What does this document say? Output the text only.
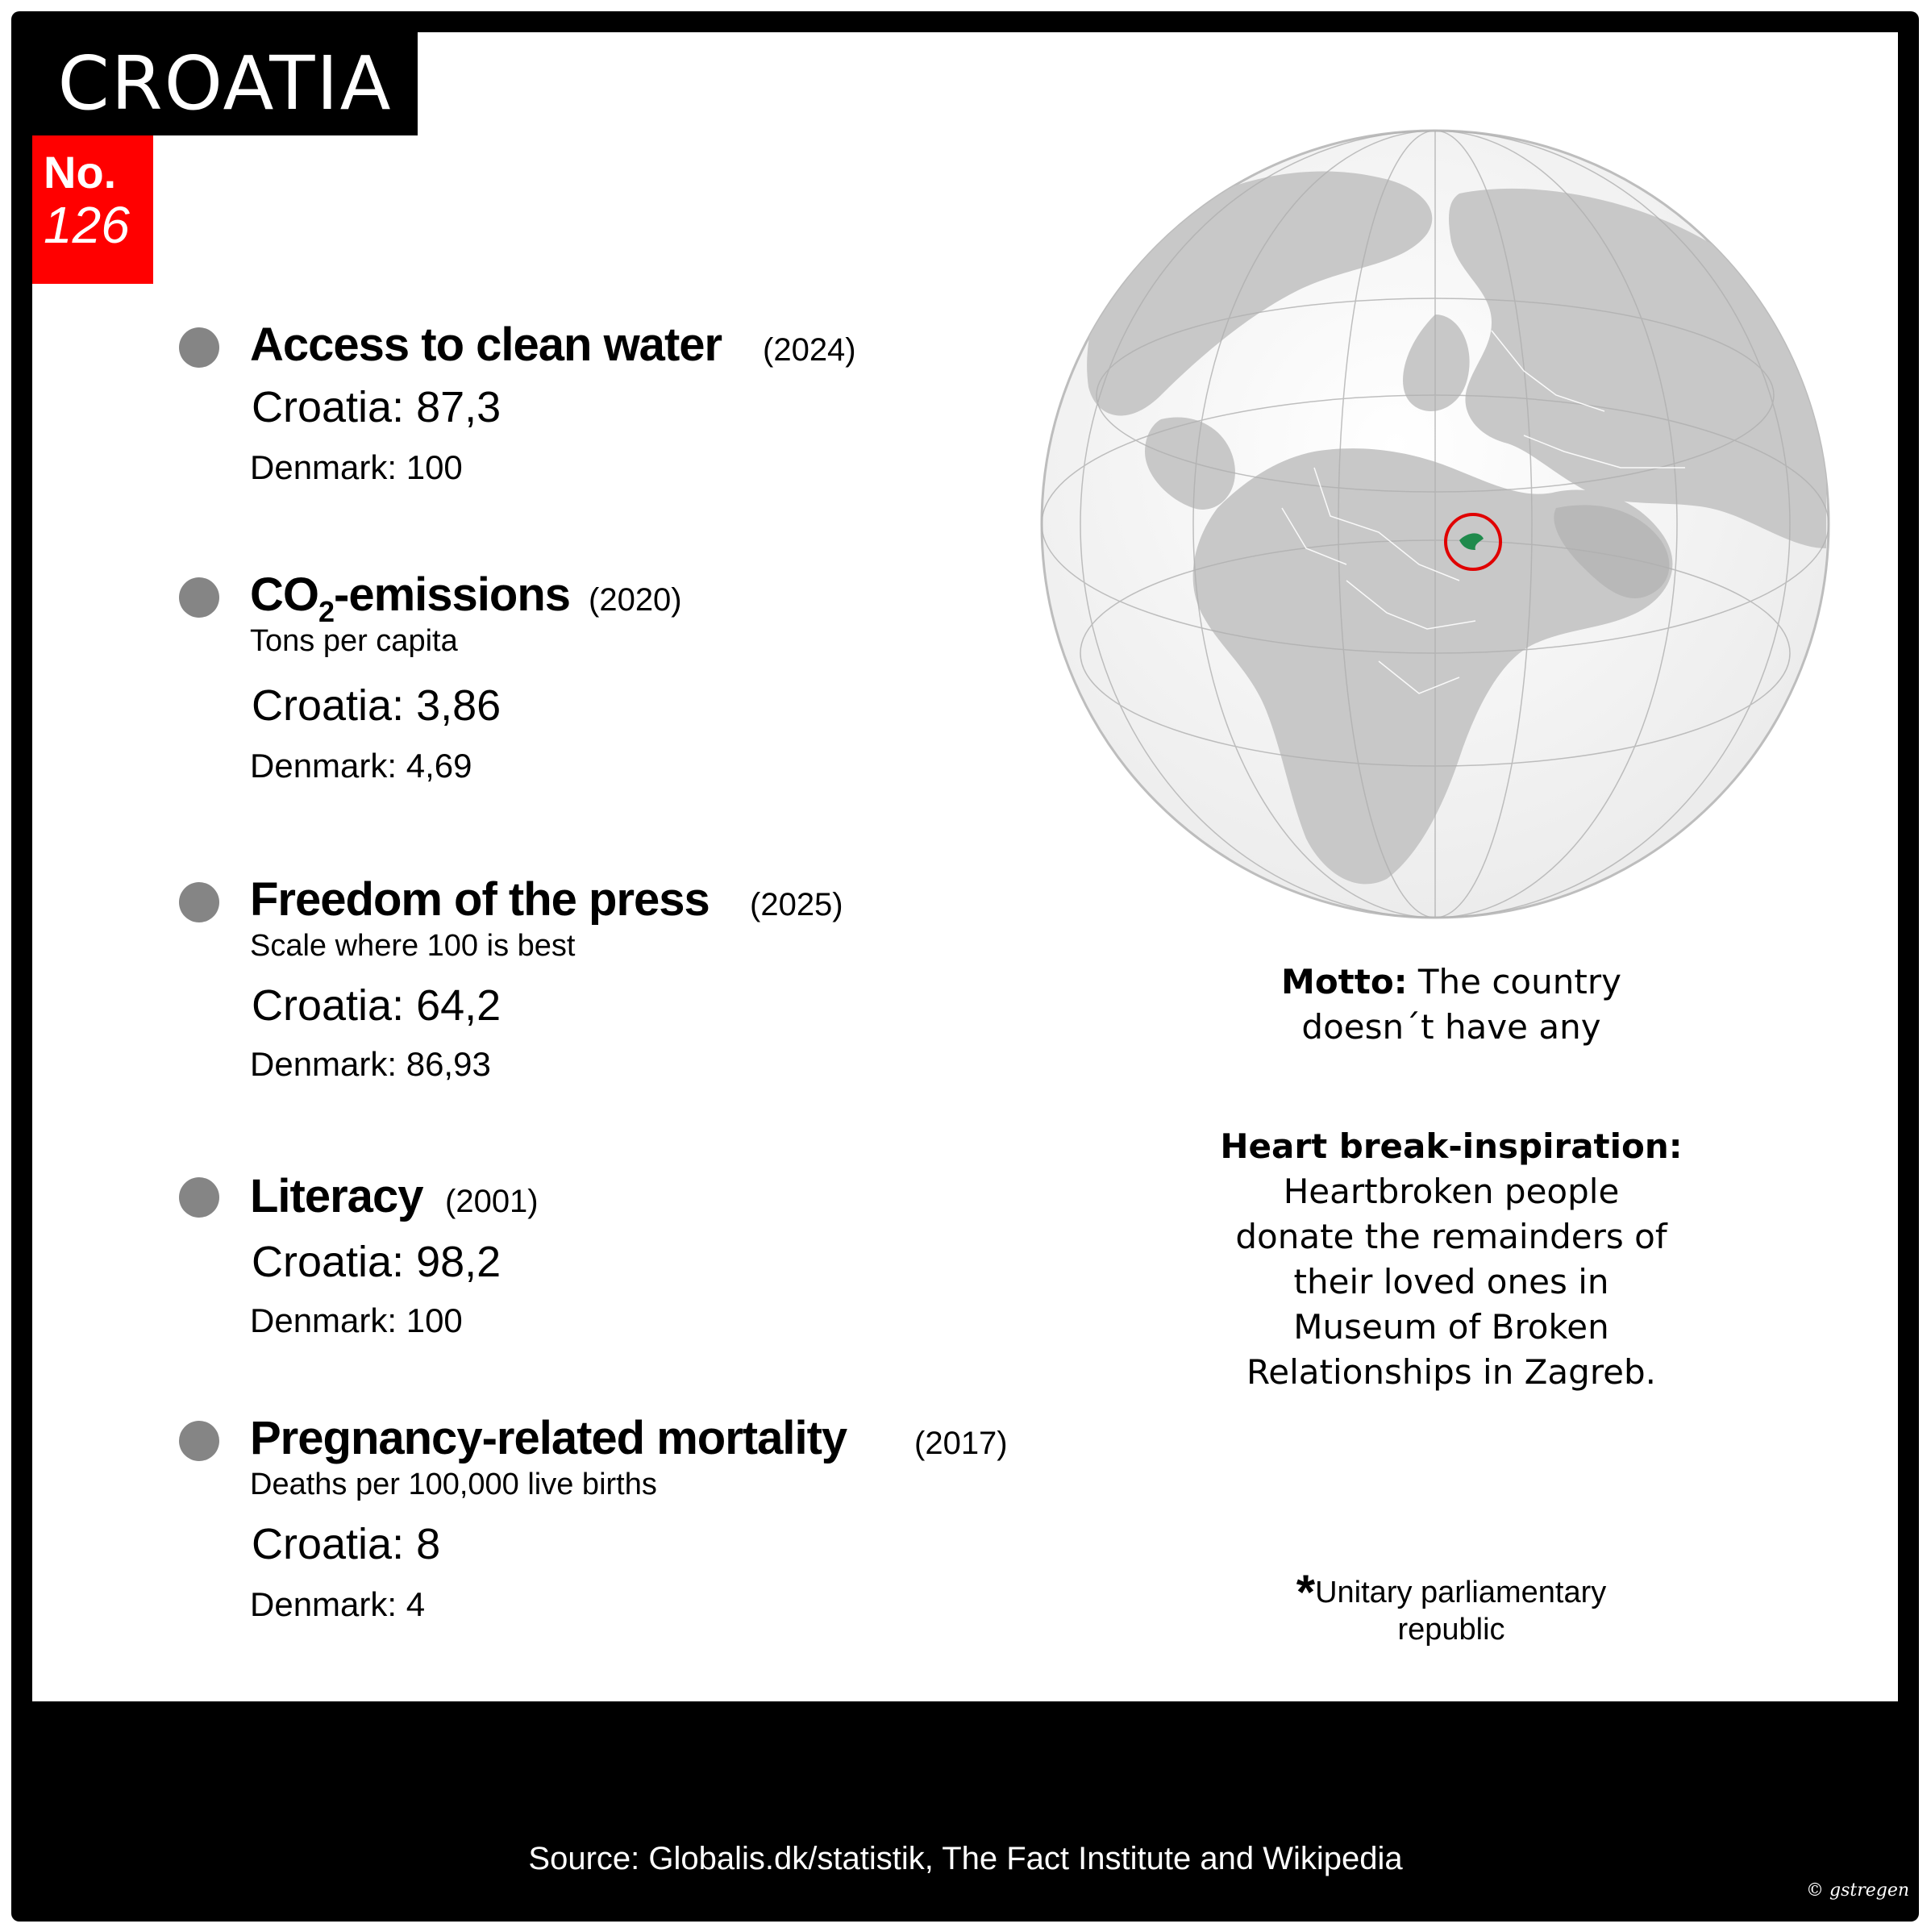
CROATIA
No.
126
Access to clean water (2024)
Croatia: 87,3
Denmark: 100
$CO_2$-emissions (2020)
Tons per capita
Croatia: 3,86
Denmark: 4,69
Freedom of the press (2025)
Scale where 100 is best
Croatia: 64,2
Denmark: 86,93
Literacy (2001)
Croatia: 98,2
Denmark: 100
Pregnancy-related mortality (2017)
Deaths per 100,000 live births
Croatia: 8
Denmark: 4
Motto: The country
doesn´t have any
Heart break-inspiration:
Heartbroken people
donate the remainders of
their loved ones in
Museum of Broken
Relationships in Zagreb.
*Unitary parliamentary
republic
Source: Globalis.dk/statistik, The Fact Institute and Wikipedia
© gstregen
